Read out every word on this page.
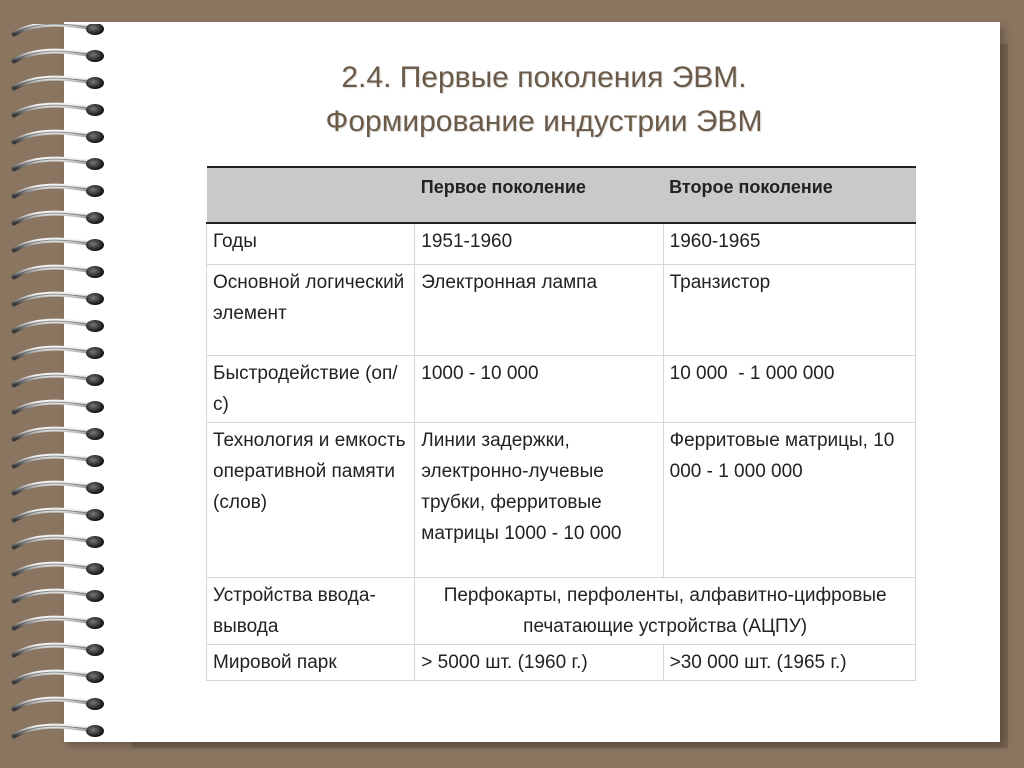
2.4. Первые поколения ЭВМ.
Формирование индустрии ЭВМ
	Первое поколение	Второе поколение
Годы	1951-1960	1960-1965
Основной логический элемент	Электронная лампа	Транзистор
Быстродействие (оп/с)	1000 - 10 000	10 000  - 1 000 000
Технология и емкость оперативной памяти (слов)	Линии задержки, электронно-лучевые трубки, ферритовые матрицы 1000 - 10 000	Ферритовые матрицы, 10 000 - 1 000 000
Устройства ввода-вывода	Перфокарты, перфоленты, алфавитно-цифровые печатающие устройства (АЦПУ)	
Мировой парк	> 5000 шт. (1960 г.)	>30 000 шт. (1965 г.)
